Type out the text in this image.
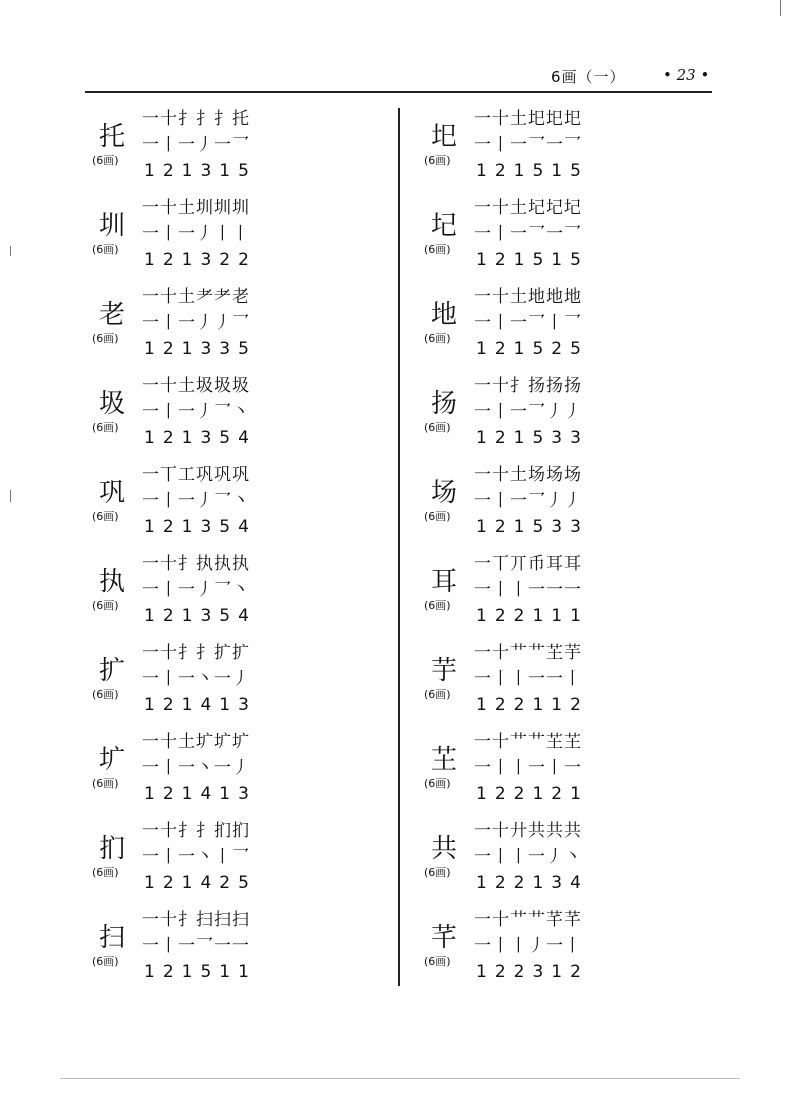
6画（一） • 23 •
托
(6画)
一十扌扌扌托
一丨一丿一乛
121315
圳
(6画)
一十土圳圳圳
一丨一丿丨丨
121322
老
(6画)
一十土耂耂老
一丨一丿丿乛
121335
圾
(6画)
一十土圾圾圾
一丨一丿乛丶
121354
巩
(6画)
一丅工巩巩巩
一丨一丿乛丶
121354
执
(6画)
一十扌执执执
一丨一丿乛丶
121354
扩
(6画)
一十扌扌扩扩
一丨一丶一丿
121413
圹
(6画)
一十土圹圹圹
一丨一丶一丿
121413
扪
(6画)
一十扌扌扪扪
一丨一丶丨乛
121425
扫
(6画)
一十扌扫扫扫
一丨一乛一一
121511
圯
(6画)
一十土圯圯圯
一丨一乛一乛
121515
圮
(6画)
一十土圮圮圮
一丨一乛一乛
121515
地
(6画)
一十土地地地
一丨一乛丨乛
121525
扬
(6画)
一十扌扬扬扬
一丨一乛丿丿
121533
场
(6画)
一十土场场场
一丨一乛丿丿
121533
耳
(6画)
一丅丌币耳耳
一丨丨一一一
122111
芋
(6画)
一十艹艹芏芋
一丨丨一一丨
122112
芏
(6画)
一十艹艹芏芏
一丨丨一丨一
122121
共
(6画)
一十廾共共共
一丨丨一丿丶
122134
芊
(6画)
一十艹艹芊芊
一丨丨丿一丨
122312
